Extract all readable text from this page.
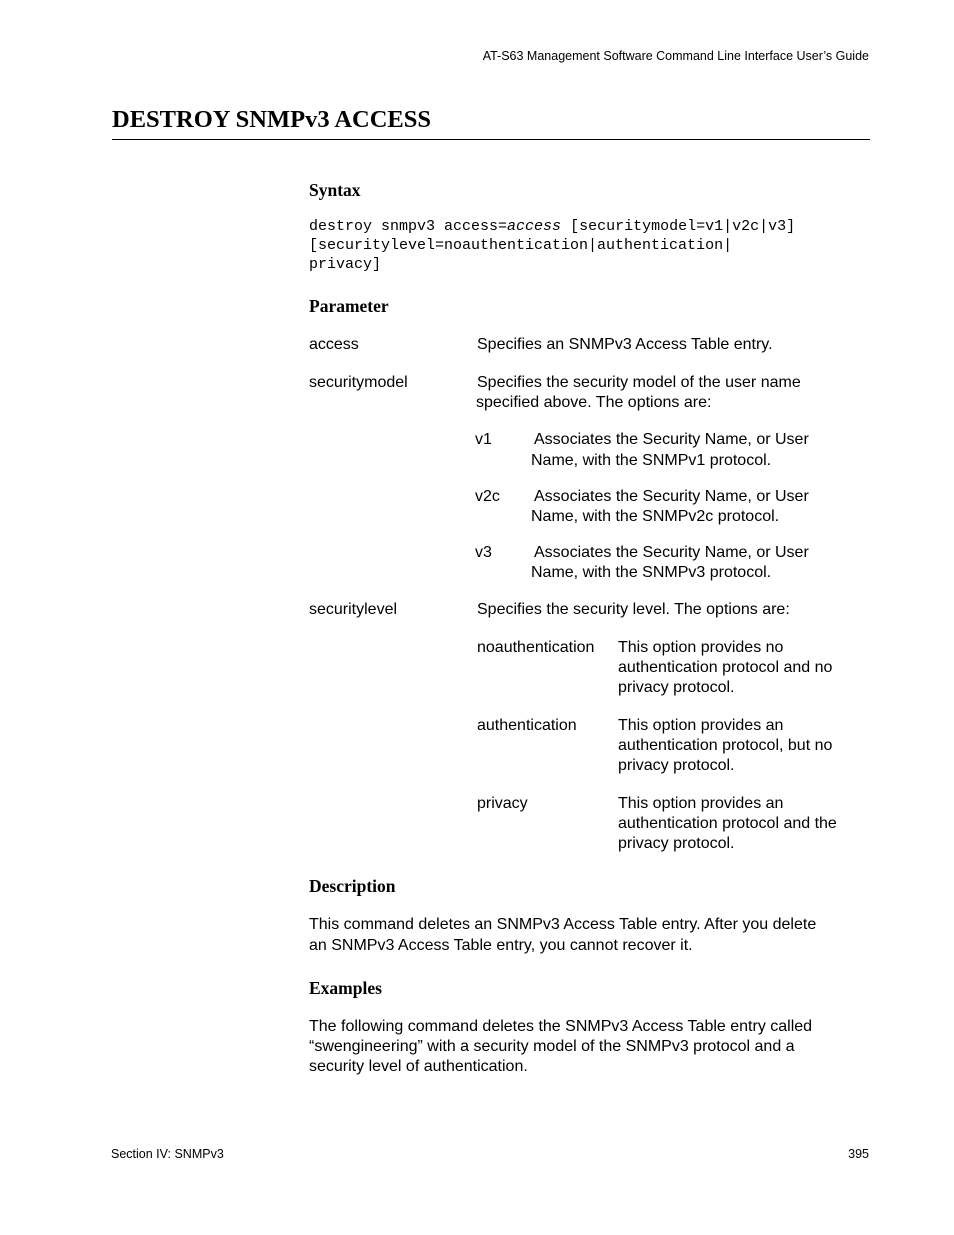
AT-S63 Management Software Command Line Interface User’s Guide
DESTROY SNMPv3 ACCESS
Syntax
destroy snmpv3 access=access [securitymodel=v1|v2c|v3]
[securitylevel=noauthentication|authentication|
privacy]
Parameter
access	Specifies an SNMPv3 Access Table entry.
securitymodel	Specifies the security model of the user name
specified above. The options are:
v1	Associates the Security Name, or User
Name, with the SNMPv1 protocol.
v2c Associates the Security Name, or User
Name, with the SNMPv2c protocol.
v3	Associates the Security Name, or User
Name, with the SNMPv3 protocol.
securitylevel	Specifies the security level. The options are:
noauthentication This option provides no
authentication protocol and no
privacy protocol.
authentication	This option provides an
authentication protocol, but no
privacy protocol.
privacy	This option provides an
authentication protocol and the
privacy protocol.
Description
This command deletes an SNMPv3 Access Table entry. After you delete
an SNMPv3 Access Table entry, you cannot recover it.
Examples
The following command deletes the SNMPv3 Access Table entry called
“swengineering” with a security model of the SNMPv3 protocol and a
security level of authentication.
Section IV: SNMPv3	395
